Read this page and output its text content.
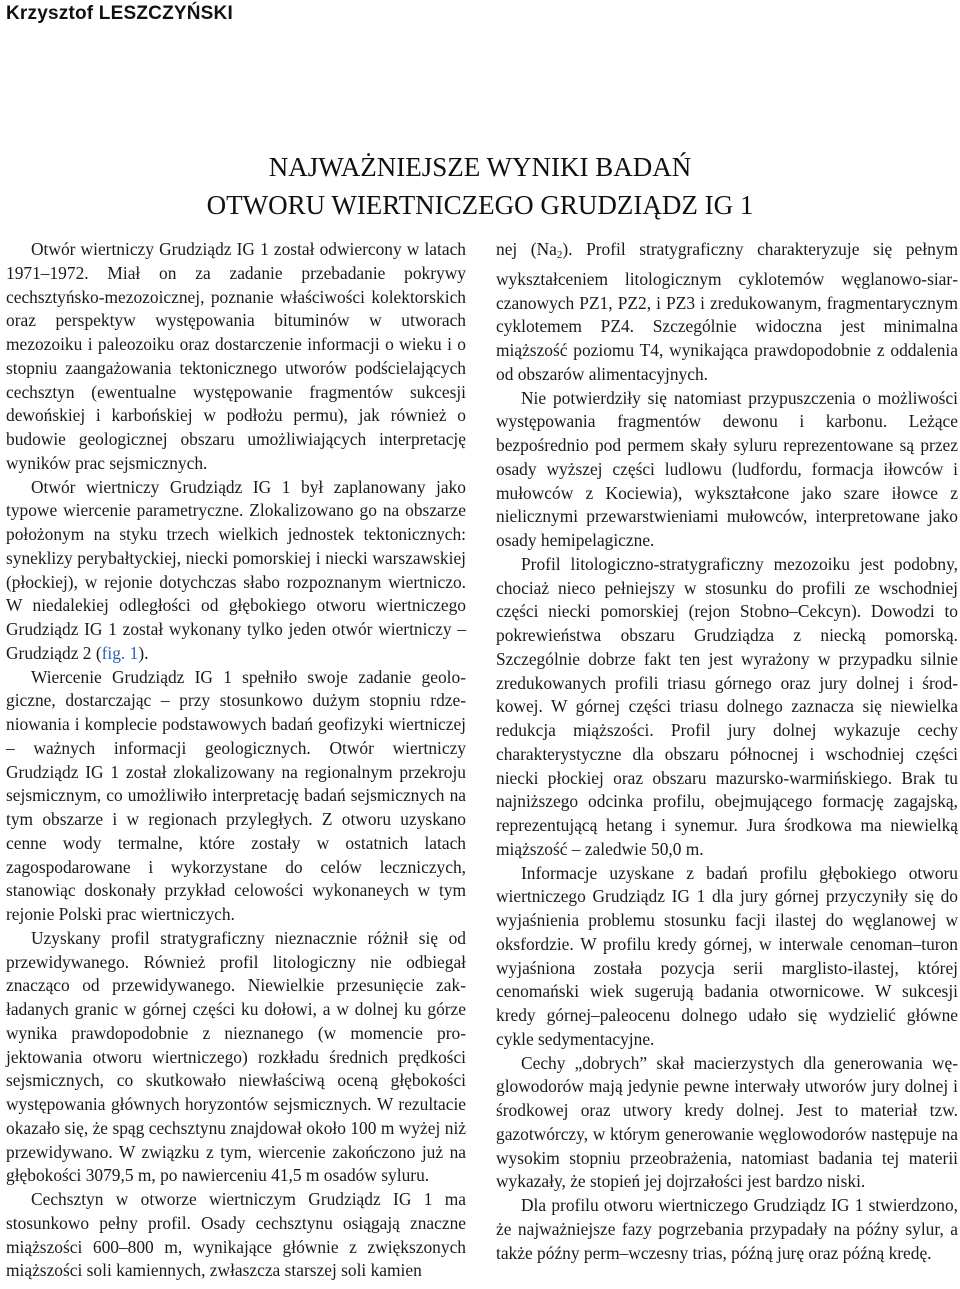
Krzysztof LESZCZYŃSKI
NAJWAŻNIEJSZE WYNIKI BADAŃ
OTWORU WIERTNICZEGO GRUDZIĄDZ IG 1

Otwór wiertniczy Grudziądz IG 1 został odwiercony w latach 1971–1972. Miał on za zadanie przebadanie pokrywy cechsztyńsko-mezozoicznej, poznanie właściwości kolektorskich oraz perspektyw występowania bituminów w utworach mezozoiku i paleozoiku oraz dostarczenie informacji o wieku i o stopniu zaangażowania tektonicznego utworów podścielających cechsztyn (ewentualne występowanie fragmentów sukcesji dewońskiej i karbońskiej w podłożu permu), jak również o budowie geologicznej obszaru umożliwiających interpretację wyników prac sejsmicznych.

Otwór wiertniczy Grudziądz IG 1 był zaplanowany jako typowe wiercenie parametryczne. Zlokalizowano go na obszarze położonym na styku trzech wielkich jednostek tektonicznych: syneklizy perybałtyckiej, niecki pomorskiej i niecki warszawskiej (płockiej), w rejonie dotychczas słabo rozpoznanym wiertniczo. W niedalekiej odległości od głębokiego otworu wiertniczego Grudziądz IG 1 został wykonany tylko jeden otwór wiertniczy – Grudziądz 2 (fig. 1).

Wiercenie Grudziądz IG 1 spełniło swoje zadanie geologiczne, dostarczając – przy stosunkowo dużym stopniu rdzeniowania i komplecie podstawowych badań geofizyki wiertniczej – ważnych informacji geologicznych. Otwór wiertniczy Grudziądz IG 1 został zlokalizowany na regionalnym przekroju sejsmicznym, co umożliwiło interpretację badań sejsmicznych na tym obszarze i w regionach przyległych. Z otworu uzyskano cenne wody termalne, które zostały w ostatnich latach zagospodarowane i wykorzystane do celów leczniczych, stanowiąc doskonały przykład celowości wykonaneych w tym rejonie Polski prac wiertniczych.

Uzyskany profil stratygraficzny nieznacznie różnił się od przewidywanego. Również profil litologiczny nie odbiegał znacząco od przewidywanego. Niewielkie przesunięcie zakładanych granic w górnej części ku dołowi, a w dolnej ku górze wynika prawdopodobnie z nieznanego (w momencie projektowania otworu wiertniczego) rozkładu średnich prędkości sejsmicznych, co skutkowało niewłaściwą oceną głębokości występowania głównych horyzontów sejsmicznych. W rezultacie okazało się, że spąg cechsztynu znajdował około 100 m wyżej niż przewidywano. W związku z tym, wiercenie zakończono już na głębokości 3079,5 m, po nawierceniu 41,5 m osadów syluru.

Cechsztyn w otworze wiertniczym Grudziądz IG 1 ma stosunkowo pełny profil. Osady cechsztynu osiągają znaczne miąższości 600–800 m, wynikające głównie z zwiększonych miąższości soli kamiennych, zwłaszcza starszej soli kamien

nej $(Na_2)$. Profil stratygraficzny charakteryzuje się pełnym wykształceniem litologicznym cyklotemów węglanowo-siarczanowych PZ1, PZ2, i PZ3 i zredukowanym, fragmentarycznym cyklotemem PZ4. Szczególnie widoczna jest minimalna miąższość poziomu T4, wynikająca prawdopodobnie z oddalenia od obszarów alimentacyjnych.

Nie potwierdziły się natomiast przypuszczenia o możliwości występowania fragmentów dewonu i karbonu. Leżące bezpośrednio pod permem skały syluru reprezentowane są przez osady wyższej części ludlowu (ludfordu, formacja iłowców i mułowców z Kociewia), wykształcone jako szare iłowce z nielicznymi przewarstwieniami mułowców, interpretowane jako osady hemipelagiczne.

Profil litologiczno-stratygraficzny mezozoiku jest podobny, chociaż nieco pełniejszy w stosunku do profili ze wschodniej części niecki pomorskiej (rejon Stobno–Cekcyn). Dowodzi to pokrewieństwa obszaru Grudziądza z niecką pomorską. Szczególnie dobrze fakt ten jest wyrażony w przypadku silnie zredukowanych profili triasu górnego oraz jury dolnej i środkowej. W górnej części triasu dolnego zaznacza się niewielka redukcja miąższości. Profil jury dolnej wykazuje cechy charakterystyczne dla obszaru północnej i wschodniej części niecki płockiej oraz obszaru mazursko-warmińskiego. Brak tu najniższego odcinka profilu, obejmującego formację zagajską, reprezentującą hetang i synemur. Jura środkowa ma niewielką miąższość – zaledwie 50,0 m.

Informacje uzyskane z badań profilu głębokiego otworu wiertniczego Grudziądz IG 1 dla jury górnej przyczyniły się do wyjaśnienia problemu stosunku facji ilastej do węglanowej w oksfordzie. W profilu kredy górnej, w interwale cenoman–turon wyjaśniona została pozycja serii marglisto-ilastej, której cenomański wiek sugerują badania otwornicowe. W sukcesji kredy górnej–paleocenu dolnego udało się wydzielić główne cykle sedymentacyjne.

Cechy „dobrych” skał macierzystych dla generowania węglowodorów mają jedynie pewne interwały utworów jury dolnej i środkowej oraz utwory kredy dolnej. Jest to materiał tzw. gazotwórczy, w którym generowanie węglowodorów następuje na wysokim stopniu przeobrażenia, natomiast badania tej materii wykazały, że stopień jej dojrzałości jest bardzo niski.

Dla profilu otworu wiertniczego Grudziądz IG 1 stwierdzono, że najważniejsze fazy pogrzebania przypadały na późny sylur, a także późny perm–wczesny trias, późną jurę oraz późną kredę.
